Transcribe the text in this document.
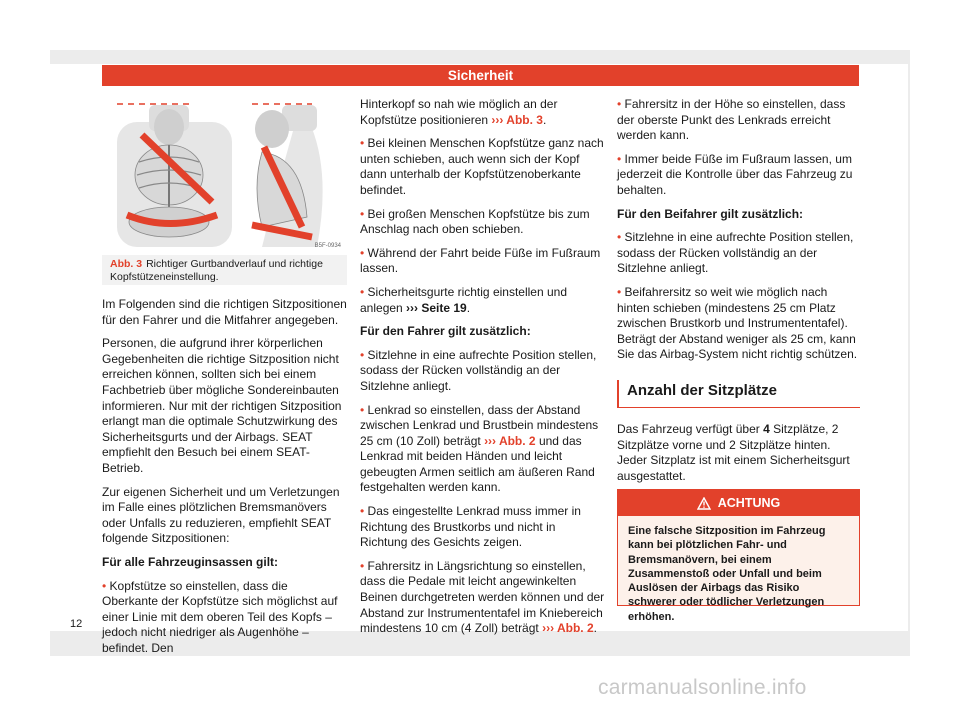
Sicherheit
B5F-0934
Abb. 3 Richtiger Gurtbandverlauf und richtige Kopfstützeneinstellung.

Im Folgenden sind die richtigen Sitzpositionen für den Fahrer und die Mitfahrer angegeben.

Personen, die aufgrund ihrer körperlichen Gegebenheiten die richtige Sitzposition nicht erreichen können, sollten sich bei einem Fachbetrieb über mögliche Sondereinbauten informieren. Nur mit der richtigen Sitzposition erlangt man die optimale Schutzwirkung des Sicherheitsgurts und der Airbags. SEAT empfiehlt den Besuch bei einem SEAT-Betrieb.

Zur eigenen Sicherheit und um Verletzungen im Falle eines plötzlichen Bremsmanövers oder Unfalls zu reduzieren, empfiehlt SEAT folgende Sitzpositionen:

Für alle Fahrzeuginsassen gilt:

• Kopfstütze so einstellen, dass die Oberkante der Kopfstütze sich möglichst auf einer Linie mit dem oberen Teil des Kopfs – jedoch nicht niedriger als Augenhöhe – befindet. Den

Hinterkopf so nah wie möglich an der Kopfstütze positionieren ››› Abb. 3.

• Bei kleinen Menschen Kopfstütze ganz nach unten schieben, auch wenn sich der Kopf dann unterhalb der Kopfstützenoberkante befindet.

• Bei großen Menschen Kopfstütze bis zum Anschlag nach oben schieben.

• Während der Fahrt beide Füße im Fußraum lassen.

• Sicherheitsgurte richtig einstellen und anlegen ››› Seite 19.

Für den Fahrer gilt zusätzlich:

• Sitzlehne in eine aufrechte Position stellen, sodass der Rücken vollständig an der Sitzlehne anliegt.

• Lenkrad so einstellen, dass der Abstand zwischen Lenkrad und Brustbein mindestens 25 cm (10 Zoll) beträgt ››› Abb. 2 und das Lenkrad mit beiden Händen und leicht gebeugten Armen seitlich am äußeren Rand festgehalten werden kann.

• Das eingestellte Lenkrad muss immer in Richtung des Brustkorbs und nicht in Richtung des Gesichts zeigen.

• Fahrersitz in Längsrichtung so einstellen, dass die Pedale mit leicht angewinkelten Beinen durchgetreten werden können und der Abstand zur Instrumententafel im Kniebereich mindestens 10 cm (4 Zoll) beträgt ››› Abb. 2.

• Fahrersitz in der Höhe so einstellen, dass der oberste Punkt des Lenkrads erreicht werden kann.

• Immer beide Füße im Fußraum lassen, um jederzeit die Kontrolle über das Fahrzeug zu behalten.

Für den Beifahrer gilt zusätzlich:

• Sitzlehne in eine aufrechte Position stellen, sodass der Rücken vollständig an der Sitzlehne anliegt.

• Beifahrersitz so weit wie möglich nach hinten schieben (mindestens 25 cm Platz zwischen Brustkorb und Instrumententafel). Beträgt der Abstand weniger als 25 cm, kann Sie das Airbag-System nicht richtig schützen.

Anzahl der Sitzplätze

Das Fahrzeug verfügt über 4 Sitzplätze, 2 Sitzplätze vorne und 2 Sitzplätze hinten. Jeder Sitzplatz ist mit einem Sicherheitsgurt ausgestattet.

ACHTUNG
Eine falsche Sitzposition im Fahrzeug kann bei plötzlichen Fahr- und Bremsmanövern, bei einem Zusammenstoß oder Unfall und beim Auslösen der Airbags das Risiko schwerer oder tödlicher Verletzungen erhöhen.
12
carmanualsonline.info
